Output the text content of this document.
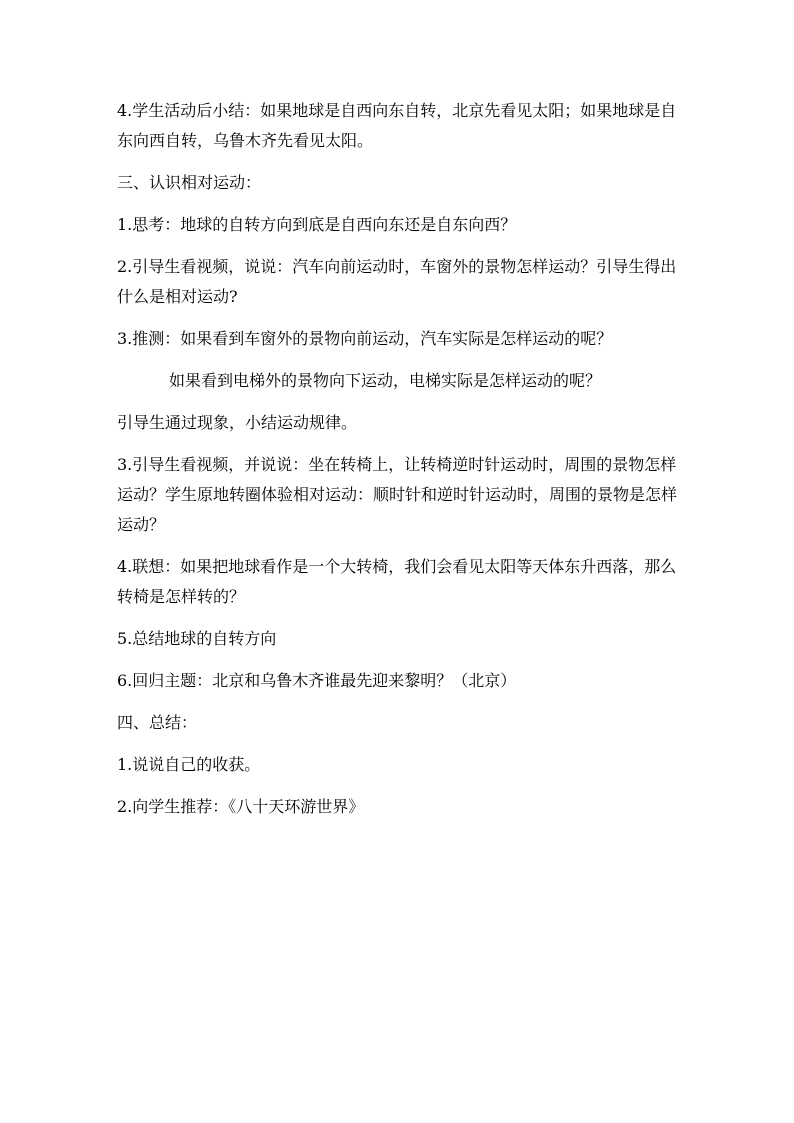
4.学生活动后小结：如果地球是自西向东自转，北京先看见太阳；如果地球是自东向西自转，乌鲁木齐先看见太阳。

三、认识相对运动：

1.思考：地球的自转方向到底是自西向东还是自东向西？

2.引导生看视频，说说：汽车向前运动时，车窗外的景物怎样运动？引导生得出什么是相对运动?

3.推测：如果看到车窗外的景物向前运动，汽车实际是怎样运动的呢？

如果看到电梯外的景物向下运动，电梯实际是怎样运动的呢？

引导生通过现象，小结运动规律。

3.引导生看视频，并说说：坐在转椅上，让转椅逆时针运动时，周围的景物怎样运动？学生原地转圈体验相对运动：顺时针和逆时针运动时，周围的景物是怎样运动？

4.联想：如果把地球看作是一个大转椅，我们会看见太阳等天体东升西落，那么转椅是怎样转的？

5.总结地球的自转方向

6.回归主题：北京和乌鲁木齐谁最先迎来黎明？（北京）

四、总结：

1.说说自己的收获。

2.向学生推荐：《八十天环游世界》
